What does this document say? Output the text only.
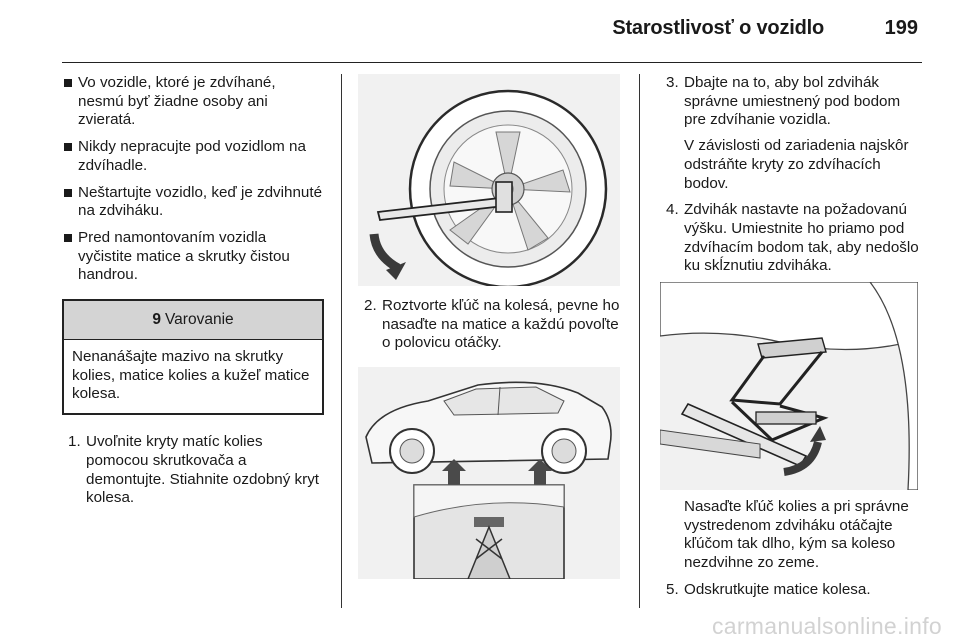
Starostlivosť o vozidlo	199
Vo vozidle, ktoré je zdvíhané, nesmú byť žiadne osoby ani zvieratá.
Nikdy nepracujte pod vozidlom na zdvíhadle.
Neštartujte vozidlo, keď je zdvihnuté na zdviháku.
Pred namontovaním vozidla vyčistite matice a skrutky čistou handrou.
9 Varovanie
Nenanášajte mazivo na skrutky kolies, matice kolies a kužeľ matice kolesa.
1. Uvoľnite kryty matíc kolies pomocou skrutkovača a demontujte. Stiahnite ozdobný kryt kolesa.
2. Roztvorte kľúč na kolesá, pevne ho nasaďte na matice a každú povoľte o polovicu otáčky.
3. Dbajte na to, aby bol zdvihák správne umiestnený pod bodom pre zdvíhanie vozidla.
V závislosti od zariadenia najskôr odstráňte kryty zo zdvíhacích bodov.
4. Zdvihák nastavte na požadovanú výšku. Umiestnite ho priamo pod zdvíhacím bodom tak, aby nedošlo ku skĺznutiu zdviháka.
Nasaďte kľúč kolies a pri správne vystredenom zdviháku otáčajte kľúčom tak dlho, kým sa koleso nezdvihne zo zeme.
5. Odskrutkujte matice kolesa.
carmanualsonline.info
